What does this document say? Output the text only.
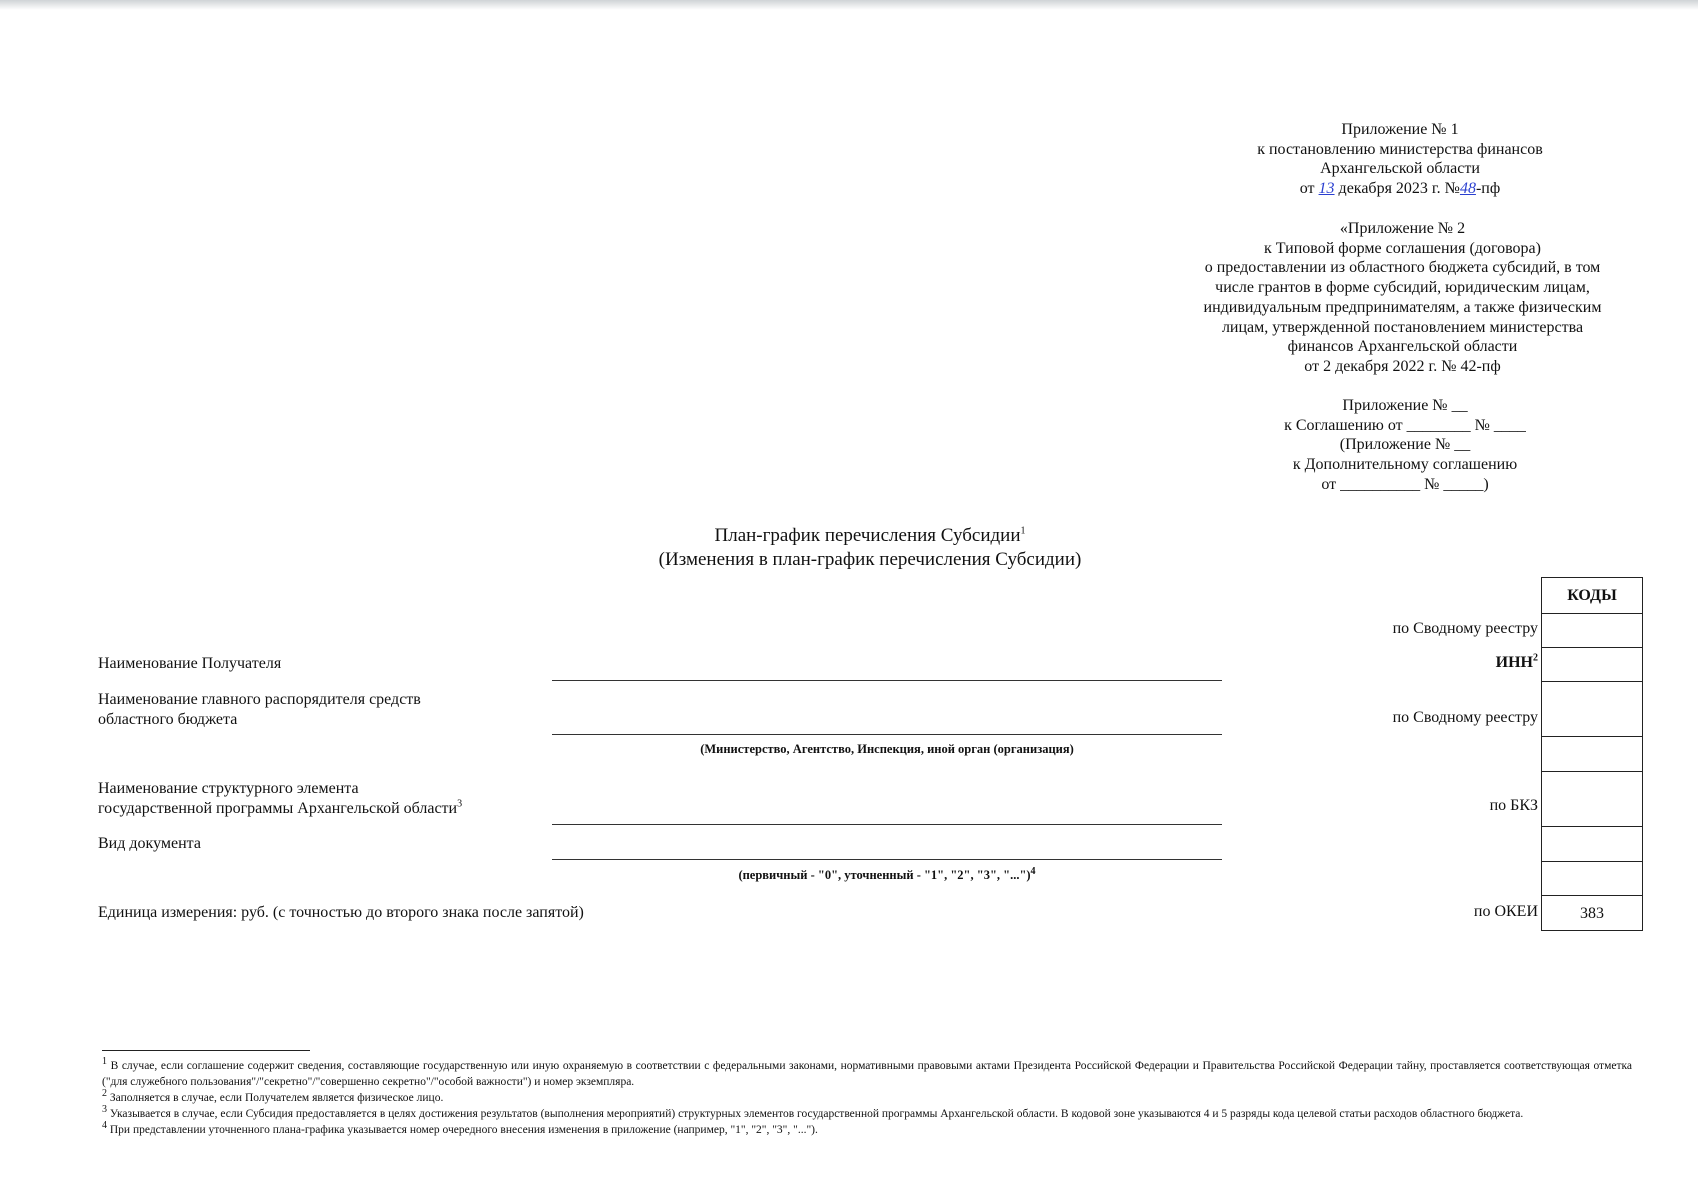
Приложение № 1
к постановлению министерства финансов
Архангельской области
от 13 декабря 2023 г. №48-пф
«Приложение № 2
к Типовой форме соглашения (договора)
о предоставлении из областного бюджета субсидий, в том
числе грантов в форме субсидий, юридическим лицам,
индивидуальным предпринимателям, а также физическим
лицам, утвержденной постановлением министерства
финансов Архангельской области
от 2 декабря 2022 г. № 42-пф
Приложение № __
к Соглашению от ________ № ____
(Приложение № __
к Дополнительному соглашению
от __________ № _____)
План-график перечисления Субсидии$^1$
(Изменения в план-график перечисления Субсидии)
Наименование Получателя
Наименование главного распорядителя средств
областного бюджета
(Министерство, Агентство, Инспекция, иной орган (организация)
Наименование структурного элемента
государственной программы Архангельской области$^3$
Вид документа
(первичный - "0", уточненный - "1", "2", "3", "...")$^4$
Единица измерения: руб. (с точностью до второго знака после запятой)
по Сводному реестру
ИНН$^2$
по Сводному реестру
по БКЗ
по ОКЕИ
КОДЫ
383

1 В случае, если соглашение содержит сведения, составляющие государственную или иную охраняемую в соответствии с федеральными законами, нормативными правовыми актами Президента Российской Федерации и Правительства Российской Федерации тайну, проставляется соответствующая отметка ("для служебного пользования"/"секретно"/"совершенно секретно"/"особой важности") и номер экземпляра.

2 Заполняется в случае, если Получателем является физическое лицо.

3 Указывается в случае, если Субсидия предоставляется в целях достижения результатов (выполнения мероприятий) структурных элементов государственной программы Архангельской области. В кодовой зоне указываются 4 и 5 разряды кода целевой статьи расходов областного бюджета.

4 При представлении уточненного плана-графика указывается номер очередного внесения изменения в приложение (например, "1", "2", "3", "...").
